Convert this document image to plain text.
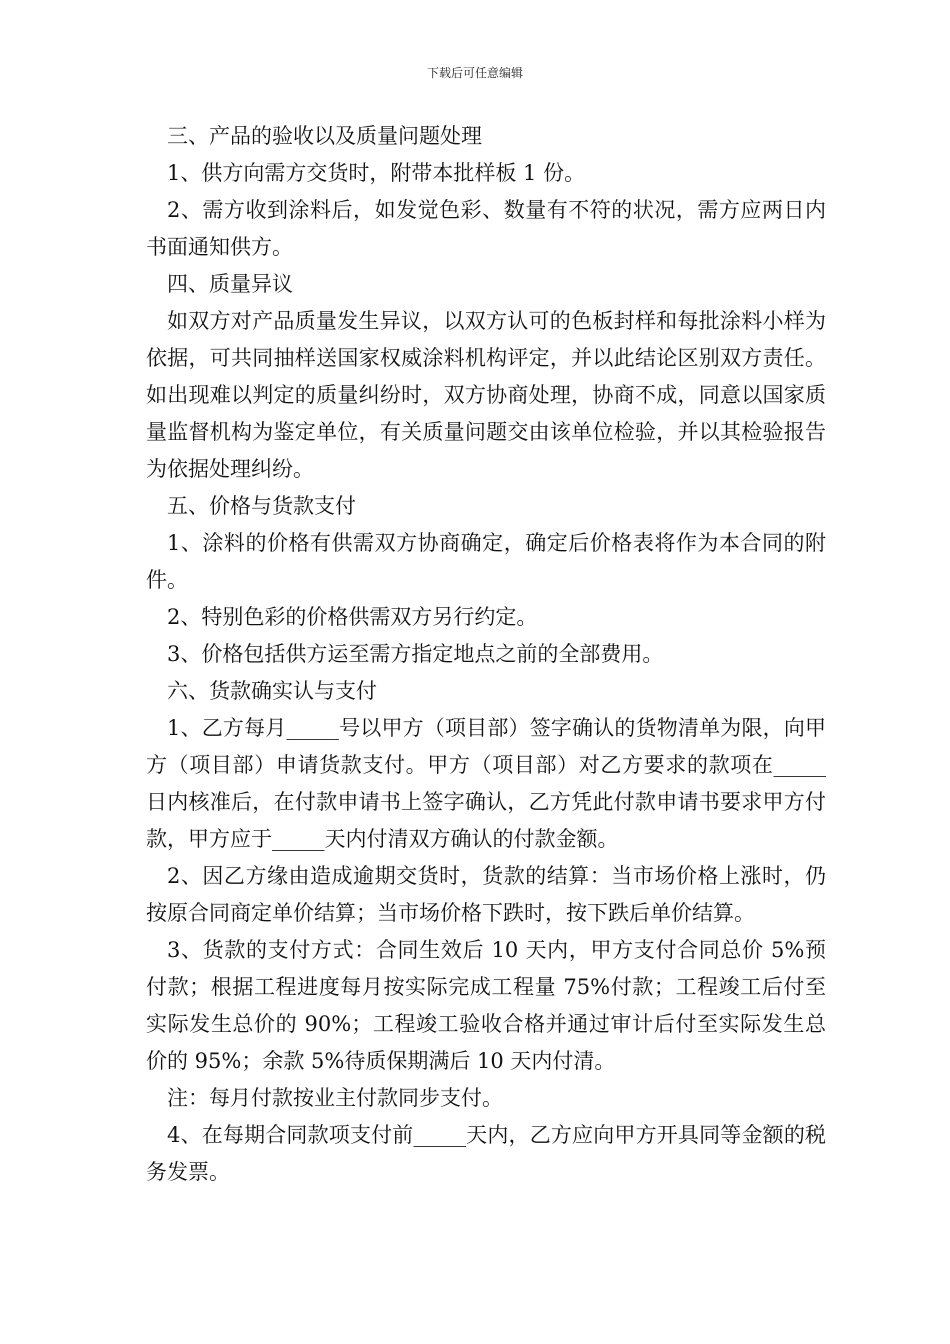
下载后可任意编辑

三、产品的验收以及质量问题处理

1、供方向需方交货时，附带本批样板 1 份。

2、需方收到涂料后，如发觉色彩、数量有不符的状况，需方应两日内书面通知供方。

四、质量异议

如双方对产品质量发生异议，以双方认可的色板封样和每批涂料小样为依据，可共同抽样送国家权威涂料机构评定，并以此结论区别双方责任。如出现难以判定的质量纠纷时，双方协商处理，协商不成，同意以国家质量监督机构为鉴定单位，有关质量问题交由该单位检验，并以其检验报告为依据处理纠纷。

五、价格与货款支付

1、涂料的价格有供需双方协商确定，确定后价格表将作为本合同的附件。

2、特别色彩的价格供需双方另行约定。

3、价格包括供方运至需方指定地点之前的全部费用。

六、货款确实认与支付

1、乙方每月_____号以甲方（项目部）签字确认的货物清单为限，向甲方（项目部）申请货款支付。甲方（项目部）对乙方要求的款项在_____日内核准后，在付款申请书上签字确认，乙方凭此付款申请书要求甲方付款，甲方应于_____天内付清双方确认的付款金额。

2、因乙方缘由造成逾期交货时，货款的结算：当市场价格上涨时，仍按原合同商定单价结算；当市场价格下跌时，按下跌后单价结算。

3、货款的支付方式：合同生效后 10 天内，甲方支付合同总价 5%预付款；根据工程进度每月按实际完成工程量 75%付款；工程竣工后付至实际发生总价的 90%；工程竣工验收合格并通过审计后付至实际发生总价的 95%；余款 5%待质保期满后 10 天内付清。

注：每月付款按业主付款同步支付。

4、在每期合同款项支付前_____天内，乙方应向甲方开具同等金额的税务发票。
